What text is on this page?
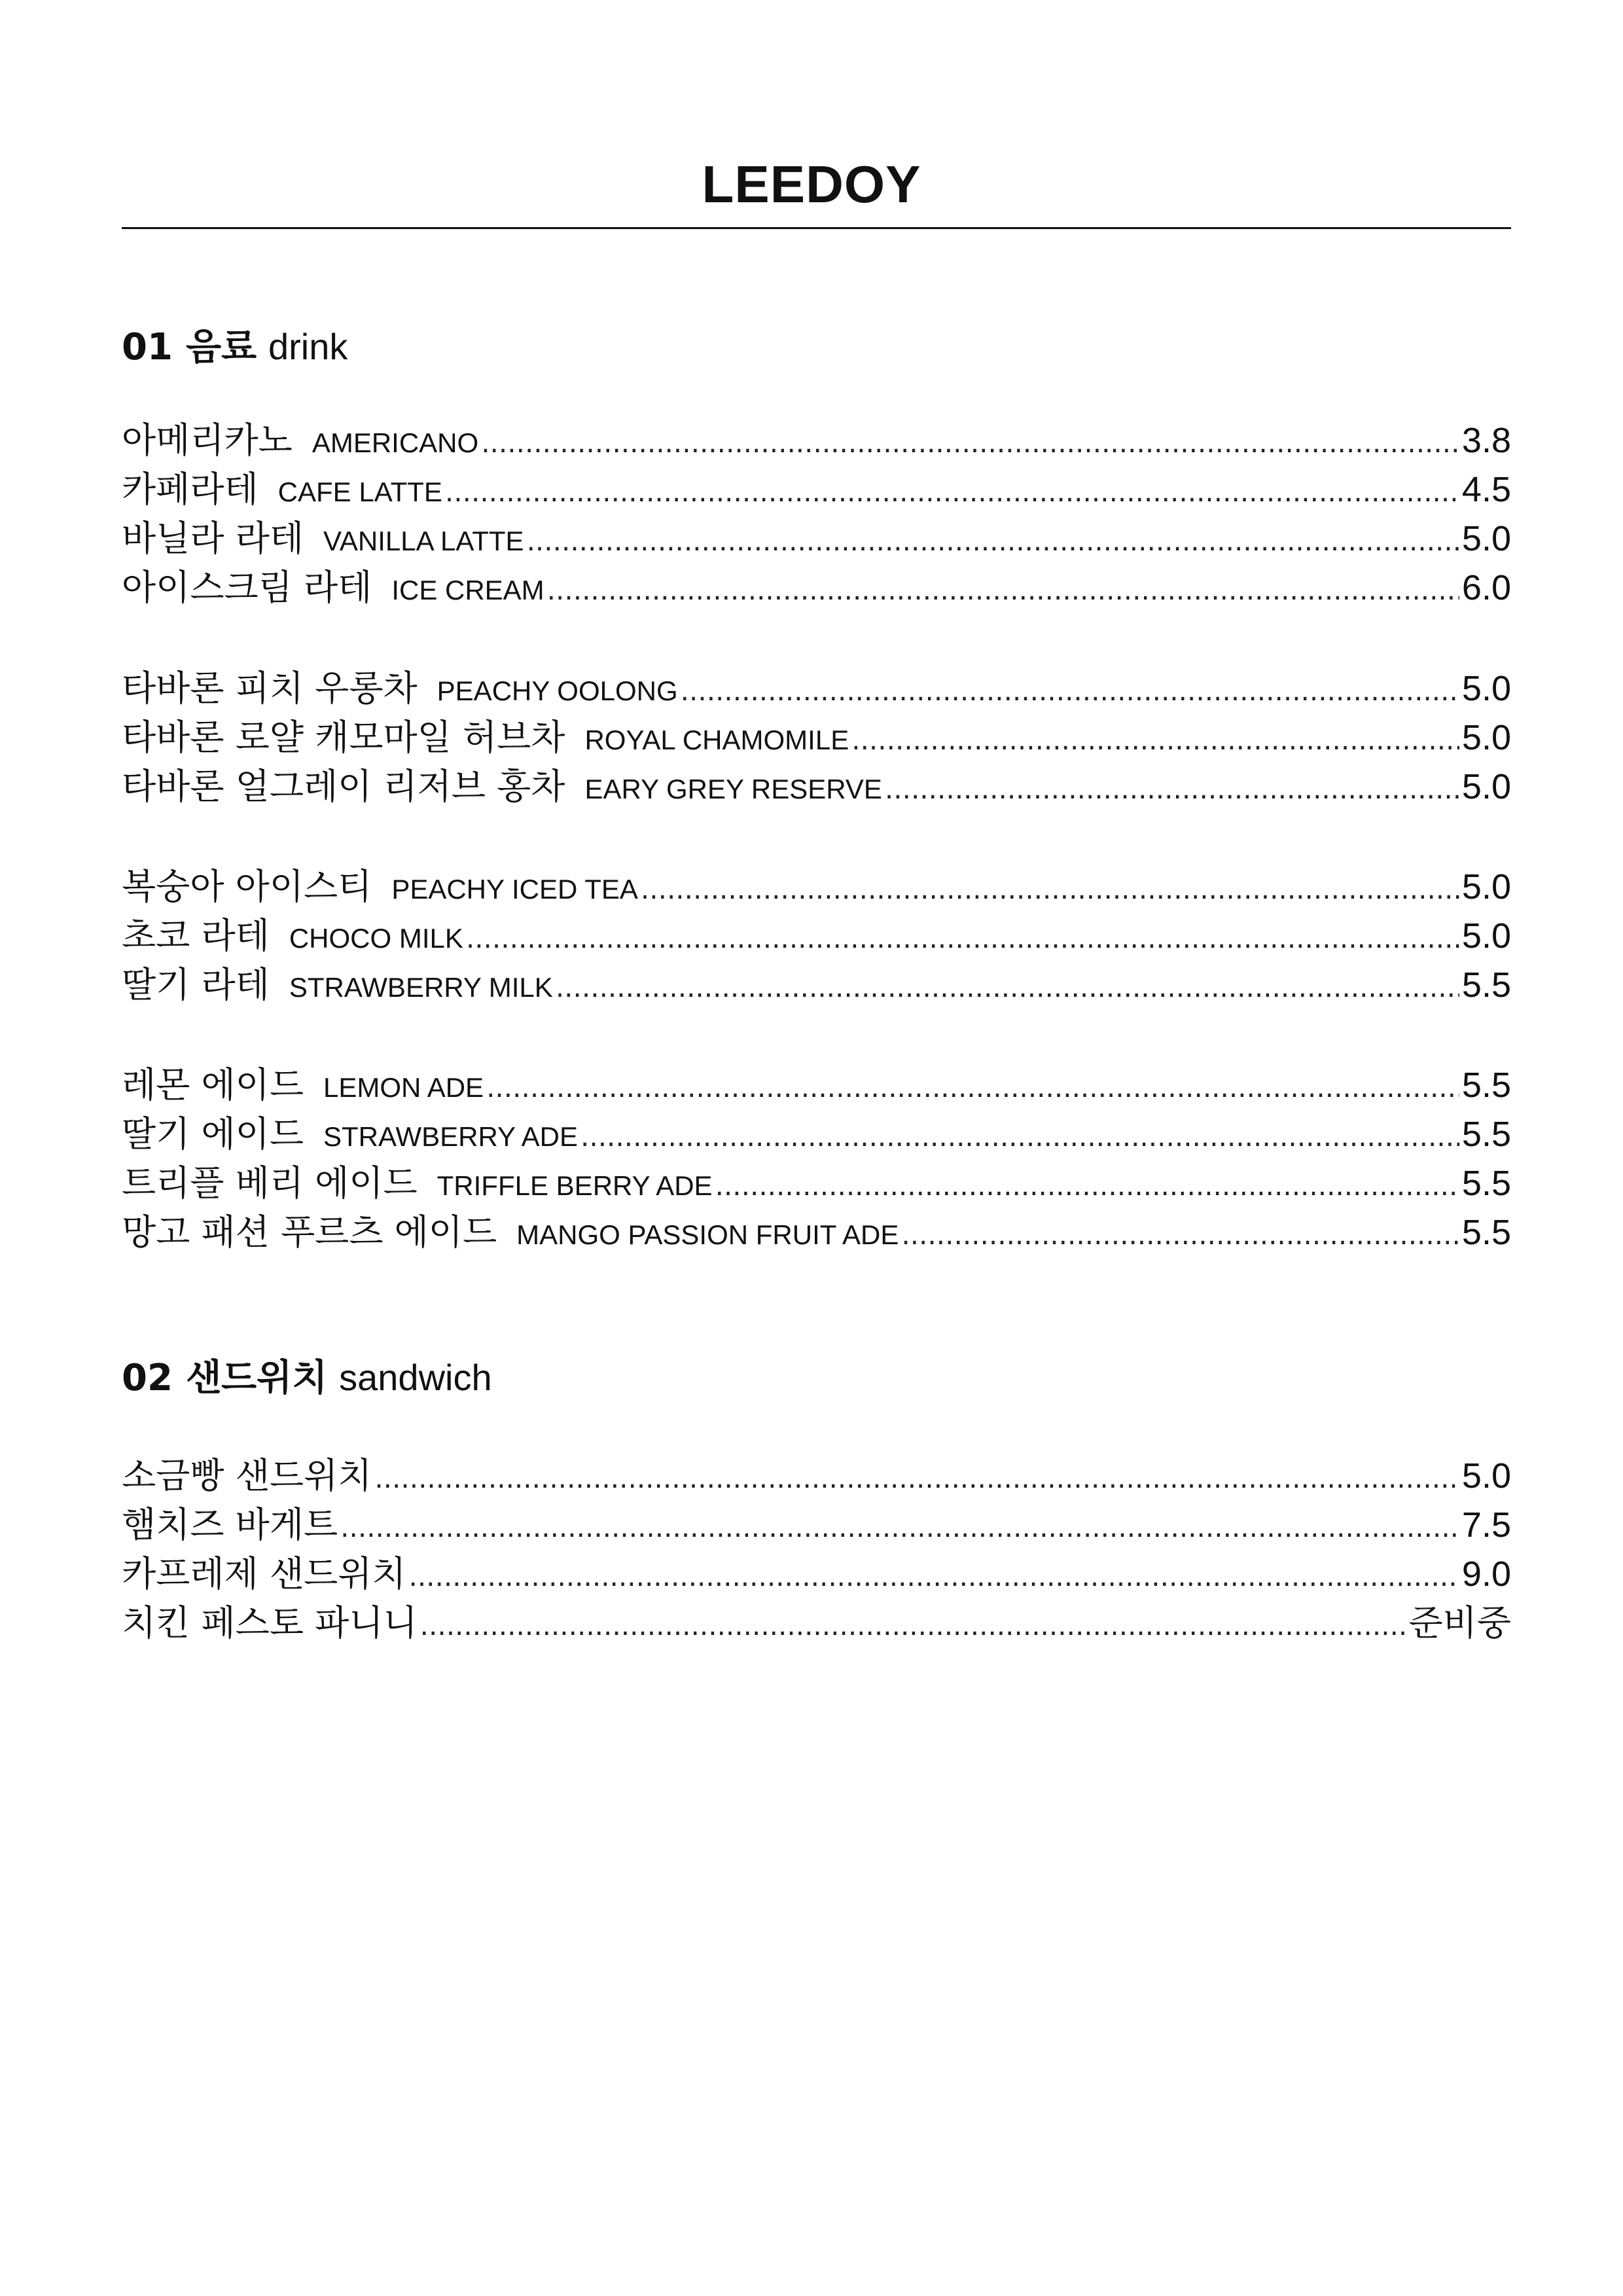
LEEDOY

01 음료 drink

아메리카노 AMERICANO .....	3.8
카페라테 CAFE LATTE .....	4.5
바닐라 라테 VANILLA LATTE .....	5.0
아이스크림 라테 ICE CREAM .....	6.0
타바론 피치 우롱차 PEACHY OOLONG .....	5.0
타바론 로얄 캐모마일 허브차 ROYAL CHAMOMILE .....	5.0
타바론 얼그레이 리저브 홍차 EARY GREY RESERVE .....	5.0
복숭아 아이스티 PEACHY ICED TEA .....	5.0
초코 라테 CHOCO MILK .....	5.0
딸기 라테 STRAWBERRY MILK .....	5.5
레몬 에이드 LEMON ADE .....	5.5
딸기 에이드 STRAWBERRY ADE .....	5.5
트리플 베리 에이드 TRIFFLE BERRY ADE .....	5.5
망고 패션 푸르츠 에이드 MANGO PASSION FRUIT ADE .....	5.5

02 샌드위치 sandwich

소금빵 샌드위치 .....	5.0
햄치즈 바게트 .....	7.5
카프레제 샌드위치 .....	9.0
치킨 페스토 파니니 .....	준비중
